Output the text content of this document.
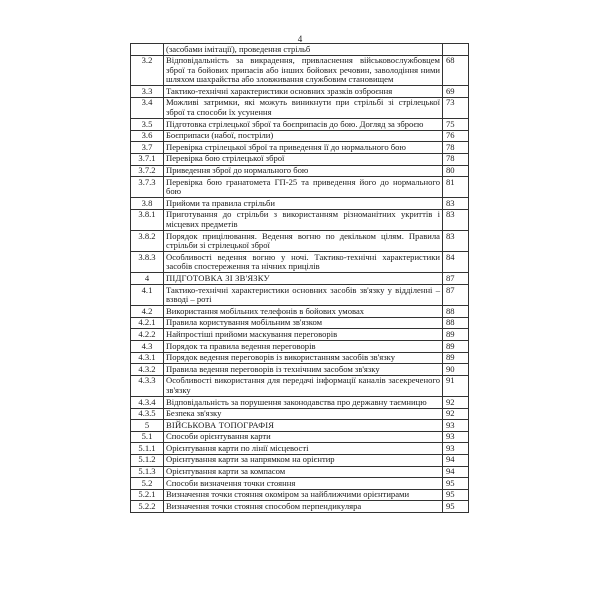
4
	(засобами імітації), проведення стрільб	
3.2	Відповідальність за викрадення, привласнення військовослужбовцем зброї та бойових припасів або інших бойових речовин, заволодіння ними шляхом шахрайства або зловживання службовим становищем	68
3.3	Тактико-технічні характеристики основних зразків озброєння	69
3.4	Можливі затримки, які можуть виникнути при стрільбі зі стрілецької зброї та способи їх усунення	73
3.5	Підготовка стрілецької зброї та боєприпасів до бою. Догляд за зброєю	75
3.6	Боєприпаси (набої, постріли)	76
3.7	Перевірка стрілецької зброї та приведення її до нормального бою	78
3.7.1	Перевірка бою стрілецької зброї	78
3.7.2	Приведення зброї до нормального бою	80
3.7.3	Перевірка бою гранатомета ГП-25 та приведення його до нормального бою	81
3.8	Прийоми та правила стрільби	83
3.8.1	Приготування до стрільби з використанням різноманітних укриттів і місцевих предметів	83
3.8.2	Порядок прицілювання. Ведення вогню по декільком цілям. Правила стрільби зі стрілецької зброї	83
3.8.3	Особливості ведення вогню у ночі. Тактико-технічні характеристики засобів спостереження та нічних прицілів	84
4	ПІДГОТОВКА ЗІ ЗВ'ЯЗКУ	87
4.1	Тактико-технічні характеристики основних засобів зв'язку у відділенні – взводі – роті	87
4.2	Використання мобільних телефонів в бойових умовах	88
4.2.1	Правила користування мобільним зв'язком	88
4.2.2	Найпростіші прийоми маскування переговорів	89
4.3	Порядок та правила ведення переговорів	89
4.3.1	Порядок ведення переговорів із використанням засобів зв'язку	89
4.3.2	Правила ведення переговорів із технічним засобом зв'язку	90
4.3.3	Особливості використання для передачі інформації каналів засекреченого зв'язку	91
4.3.4	Відповідальність за порушення законодавства про державну таємницю	92
4.3.5	Безпека зв'язку	92
5	ВІЙСЬКОВА ТОПОГРАФІЯ	93
5.1	Способи орієнтування карти	93
5.1.1	Орієнтування карти по лінії місцевості	93
5.1.2	Орієнтування карти за напрямком на орієнтир	94
5.1.3	Орієнтування карти за компасом	94
5.2	Способи визначення точки стояння	95
5.2.1	Визначення точки стояння окоміром за найближчими орієнтирами	95
5.2.2	Визначення точки стояння способом перпендикуляра	95
